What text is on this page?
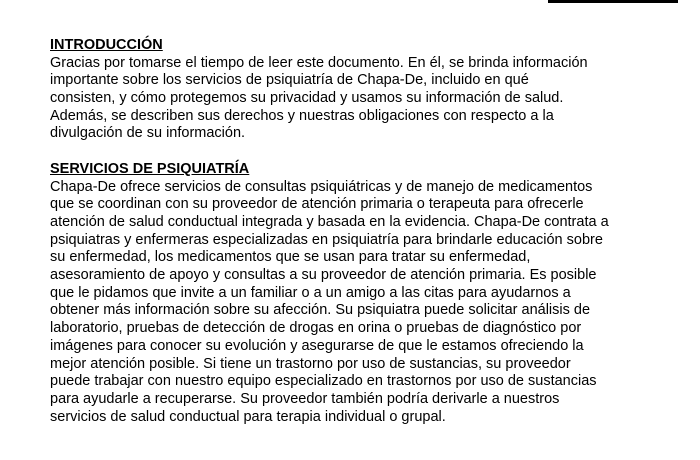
INTRODUCCIÓN

Gracias por tomarse el tiempo de leer este documento. En él, se brinda información
importante sobre los servicios de psiquiatría de Chapa-De, incluido en qué
consisten, y cómo protegemos su privacidad y usamos su información de salud.
Además, se describen sus derechos y nuestras obligaciones con respecto a la
divulgación de su información.

SERVICIOS DE PSIQUIATRÍA

Chapa-De ofrece servicios de consultas psiquiátricas y de manejo de medicamentos
que se coordinan con su proveedor de atención primaria o terapeuta para ofrecerle
atención de salud conductual integrada y basada en la evidencia. Chapa-De contrata a
psiquiatras y enfermeras especializadas en psiquiatría para brindarle educación sobre
su enfermedad, los medicamentos que se usan para tratar su enfermedad,
asesoramiento de apoyo y consultas a su proveedor de atención primaria. Es posible
que le pidamos que invite a un familiar o a un amigo a las citas para ayudarnos a
obtener más información sobre su afección. Su psiquiatra puede solicitar análisis de
laboratorio, pruebas de detección de drogas en orina o pruebas de diagnóstico por
imágenes para conocer su evolución y asegurarse de que le estamos ofreciendo la
mejor atención posible. Si tiene un trastorno por uso de sustancias, su proveedor
puede trabajar con nuestro equipo especializado en trastornos por uso de sustancias
para ayudarle a recuperarse. Su proveedor también podría derivarle a nuestros
servicios de salud conductual para terapia individual o grupal.
